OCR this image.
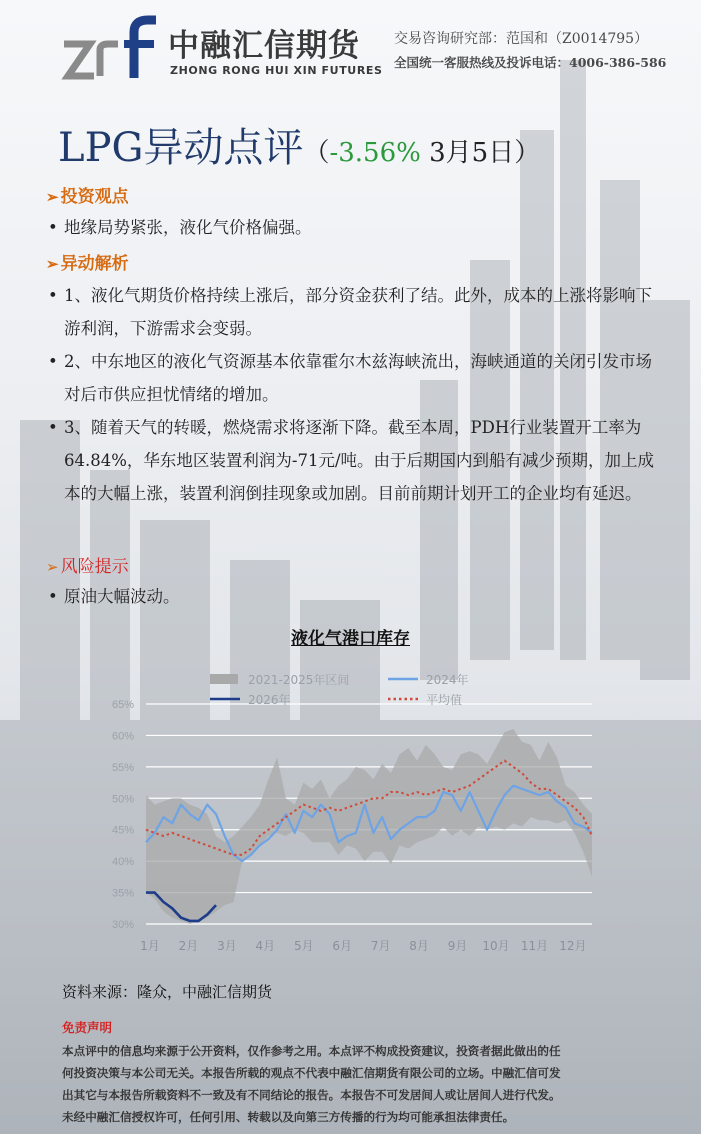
中融汇信期货
ZHONG RONG HUI XIN FUTURES
交易咨询研究部：范国和（Z0014795）
全国统一客服热线及投诉电话：4006-386-586
LPG异动点评（-3.56% 3月5日）
➢ 投资观点
• 地缘局势紧张，液化气价格偏强。
➢ 异动解析
• 1、液化气期货价格持续上涨后，部分资金获利了结。此外，成本的上涨将影响下游利润，下游需求会变弱。
• 2、中东地区的液化气资源基本依靠霍尔木兹海峡流出，海峡通道的关闭引发市场对后市供应担忧情绪的增加。
• 3、随着天气的转暖，燃烧需求将逐渐下降。截至本周，PDH行业装置开工率为64.84%，华东地区装置利润为-71元/吨。由于后期国内到船有减少预期，加上成本的大幅上涨，装置利润倒挂现象或加剧。目前前期计划开工的企业均有延迟。
➢ 风险提示
• 原油大幅波动。
液化气港口库存
30%
35%
40%
45%
50%
55%
60%
65%
1月 2月 3月 4月 5月 6月 7月 8月 9月 10月 11月 12月
2021-2025年区间	2024年
2026年	平均值
资料来源：隆众，中融汇信期货
免责声明
本点评中的信息均来源于公开资料，仅作参考之用。本点评不构成投资建议，投资者据此做出的任
何投资决策与本公司无关。本报告所载的观点不代表中融汇信期货有限公司的立场。中融汇信可发
出其它与本报告所载资料不一致及有不同结论的报告。本报告不可发居间人或让居间人进行代发。
未经中融汇信授权许可，任何引用、转载以及向第三方传播的行为均可能承担法律责任。
